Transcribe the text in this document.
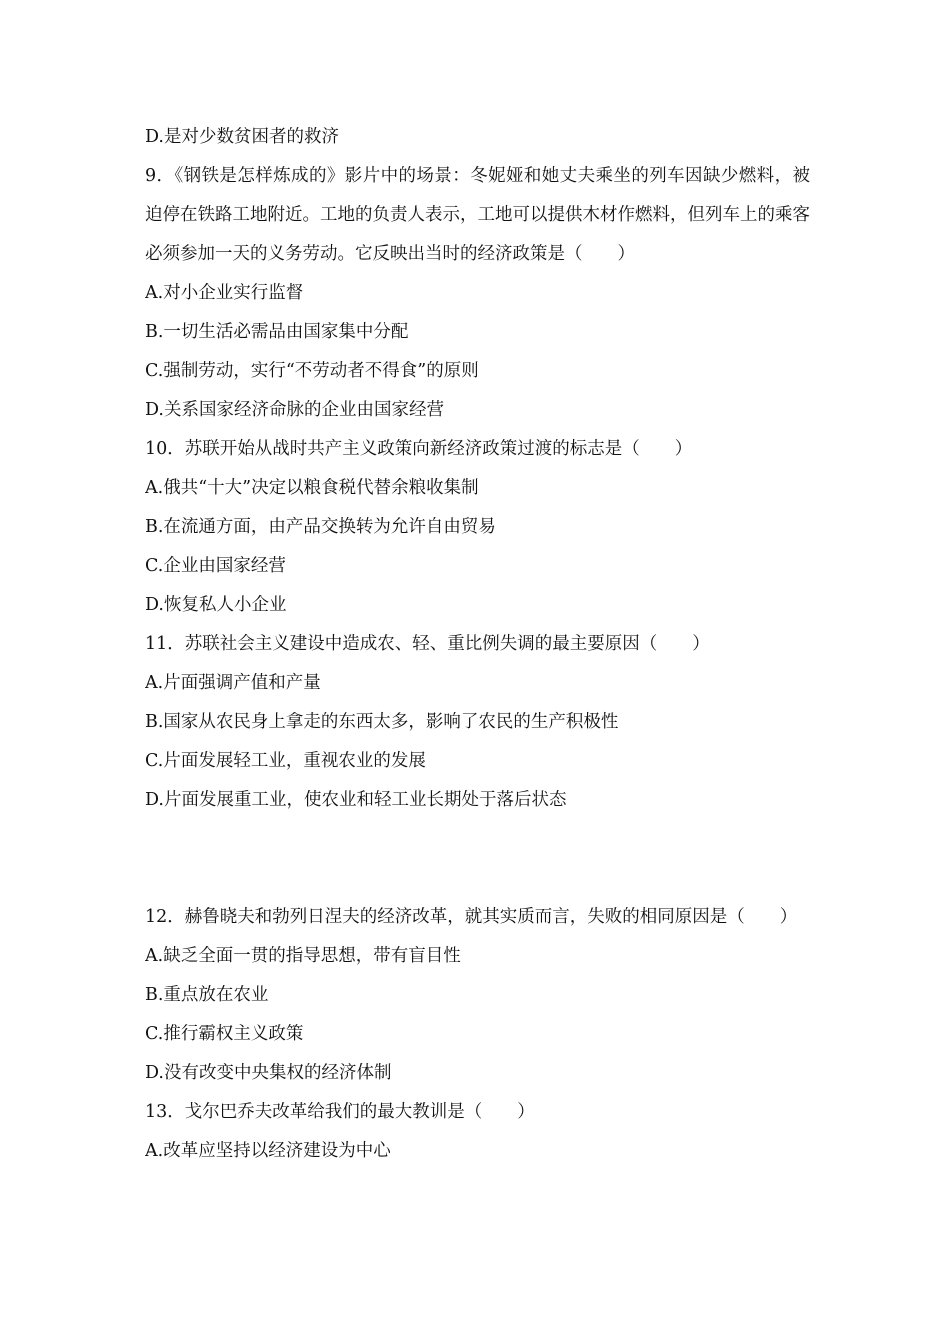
D.是对少数贫困者的救济
9．《钢铁是怎样炼成的》影片中的场景：冬妮娅和她丈夫乘坐的列车因缺少燃料，被迫停在铁路工地附近。工地的负责人表示，工地可以提供木材作燃料，但列车上的乘客必须参加一天的义务劳动。它反映出当时的经济政策是（　　）
A.对小企业实行监督
B.一切生活必需品由国家集中分配
C.强制劳动，实行“不劳动者不得食”的原则
D.关系国家经济命脉的企业由国家经营
10．苏联开始从战时共产主义政策向新经济政策过渡的标志是（　　）
A.俄共“十大”决定以粮食税代替余粮收集制
B.在流通方面，由产品交换转为允许自由贸易
C.企业由国家经营
D.恢复私人小企业
11．苏联社会主义建设中造成农、轻、重比例失调的最主要原因（　　）
A.片面强调产值和产量
B.国家从农民身上拿走的东西太多，影响了农民的生产积极性
C.片面发展轻工业，重视农业的发展
D.片面发展重工业，使农业和轻工业长期处于落后状态
12．赫鲁晓夫和勃列日涅夫的经济改革，就其实质而言，失败的相同原因是（　　）
A.缺乏全面一贯的指导思想，带有盲目性
B.重点放在农业
C.推行霸权主义政策
D.没有改变中央集权的经济体制
13．戈尔巴乔夫改革给我们的最大教训是（　　）
A.改革应坚持以经济建设为中心
